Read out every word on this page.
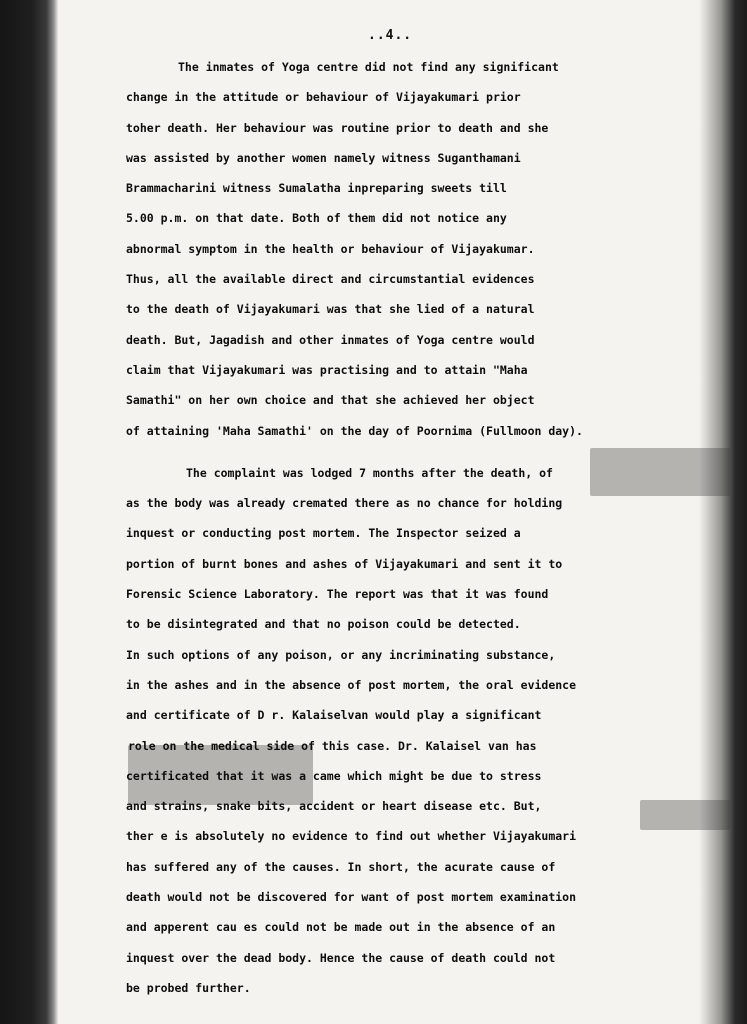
..4..
The inmates of Yoga centre did not find any significant
change in the attitude or behaviour of Vijayakumari prior
toher death. Her behaviour was routine prior to death and she
was assisted by another women namely witness Suganthamani
Brammacharini witness Sumalatha inpreparing sweets till
5.00 p.m. on that date. Both of them did not notice any
abnormal symptom in the health or behaviour of Vijayakumar.
Thus, all the available direct and circumstantial evidences
to the death of Vijayakumari was that she lied of a natural
death. But, Jagadish and other inmates of Yoga centre would
claim that Vijayakumari was practising and to attain "Maha
Samathi" on her own choice and that she achieved her object
of attaining 'Maha Samathi' on the day of Poornima (Fullmoon day).
The complaint was lodged 7 months after the death, of
as the body was already cremated there as no chance for holding
inquest or conducting post mortem. The Inspector seized a
portion of burnt bones and ashes of Vijayakumari and sent it to
Forensic Science Laboratory. The report was that it was found
to be disintegrated and that no poison could be detected.
In such options of any poison, or any incriminating substance,
in the ashes and in the absence of post mortem, the oral evidence
and certificate of D r. Kalaiselvan would play a significant
role on the medical side of this case. Dr. Kalaisel van has
certificated that it was a came which might be due to stress
and strains, snake bits, accident or heart disease etc. But,
ther e is absolutely no evidence to find out whether Vijayakumari
has suffered any of the causes. In short, the acurate cause of
death would not be discovered for want of post mortem examination
and apperent cau es could not be made out in the absence of an
inquest over the dead body. Hence the cause of death could not
be probed further.
